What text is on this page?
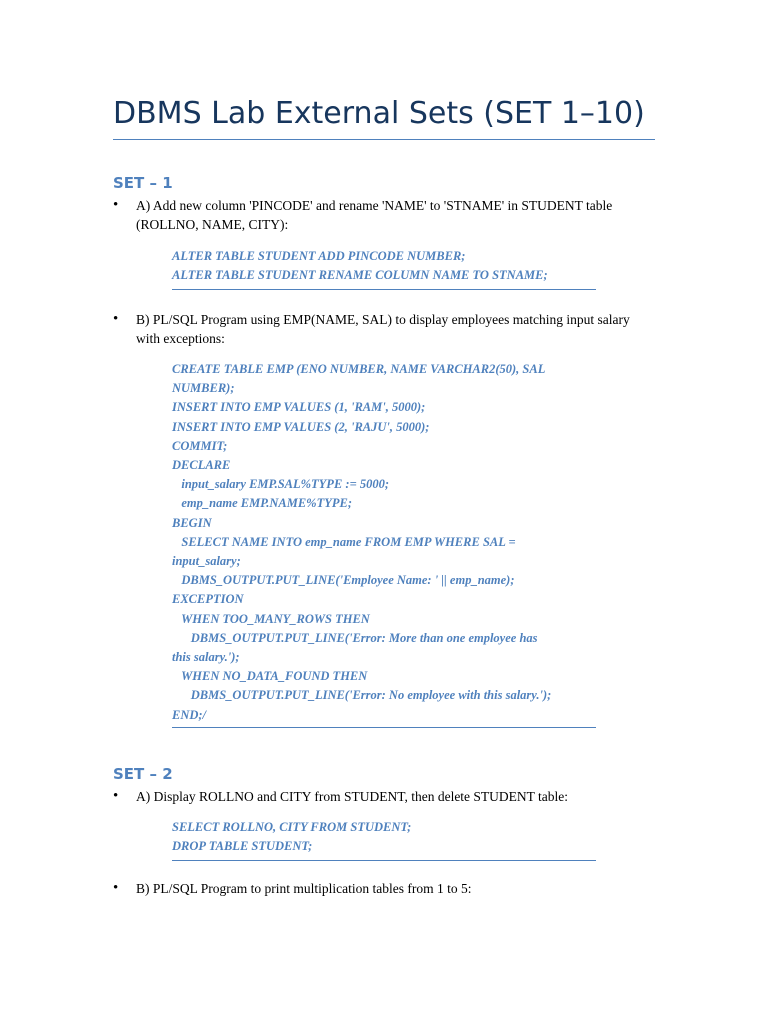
DBMS Lab External Sets (SET 1–10)
SET – 1
• A) Add new column 'PINCODE' and rename 'NAME' to 'STNAME' in STUDENT table
(ROLLNO, NAME, CITY):
ALTER TABLE STUDENT ADD PINCODE NUMBER;
ALTER TABLE STUDENT RENAME COLUMN NAME TO STNAME;
• B) PL/SQL Program using EMP(NAME, SAL) to display employees matching input salary
with exceptions:
CREATE TABLE EMP (ENO NUMBER, NAME VARCHAR2(50), SAL
NUMBER);
INSERT INTO EMP VALUES (1, 'RAM', 5000);
INSERT INTO EMP VALUES (2, 'RAJU', 5000);
COMMIT;
DECLARE
input_salary EMP.SAL%TYPE := 5000;
emp_name EMP.NAME%TYPE;
BEGIN
SELECT NAME INTO emp_name FROM EMP WHERE SAL =
input_salary;
DBMS_OUTPUT.PUT_LINE('Employee Name: ' || emp_name);
EXCEPTION
WHEN TOO_MANY_ROWS THEN
DBMS_OUTPUT.PUT_LINE('Error: More than one employee has
this salary.');
WHEN NO_DATA_FOUND THEN
DBMS_OUTPUT.PUT_LINE('Error: No employee with this salary.');
END;/
SET – 2
• A) Display ROLLNO and CITY from STUDENT, then delete STUDENT table:
SELECT ROLLNO, CITY FROM STUDENT;
DROP TABLE STUDENT;
• B) PL/SQL Program to print multiplication tables from 1 to 5:
